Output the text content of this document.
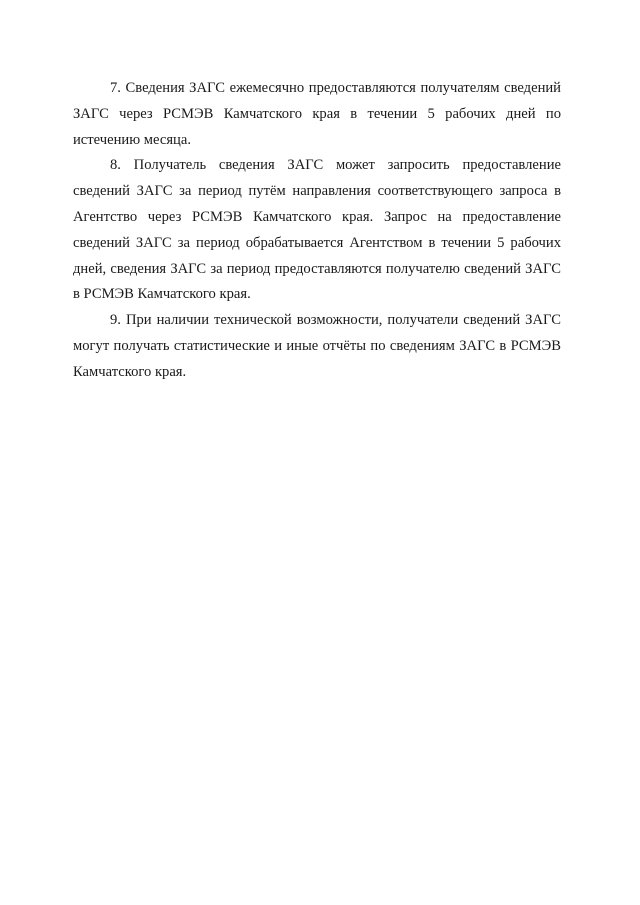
7. Сведения ЗАГС ежемесячно предоставляются получателям сведений ЗАГС через РСМЭВ Камчатского края в течении 5 рабочих дней по истечению месяца.

8. Получатель сведения ЗАГС может запросить предоставление сведений ЗАГС за период путём направления соответствующего запроса в Агентство через РСМЭВ Камчатского края. Запрос на предоставление сведений ЗАГС за период обрабатывается Агентством в течении 5 рабочих дней, сведения ЗАГС за период предоставляются получателю сведений ЗАГС в РСМЭВ Камчатского края.

9. При наличии технической возможности, получатели сведений ЗАГС могут получать статистические и иные отчёты по сведениям ЗАГС в РСМЭВ Камчатского края.
